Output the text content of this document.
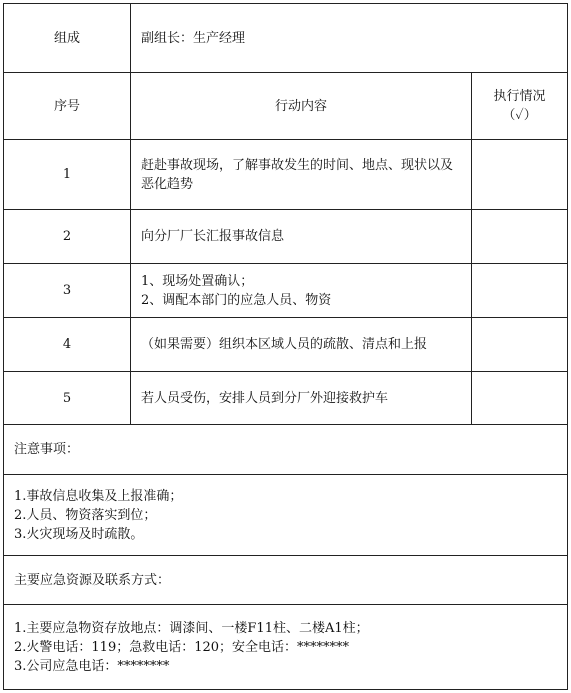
组成	副组长：生产经理	
序号	行动内容	执行情况
（✓）

1	赶赴事故现场，了解事故发生的时间、地点、现状以及
恶化趋势	

2	向分厂厂长汇报事故信息	

3	1、现场处置确认；
2、调配本部门的应急人员、物资	

4	（如果需要）组织本区域人员的疏散、清点和上报	

5	若人员受伤，安排人员到分厂外迎接救护车	

注意事项：		

1.事故信息收集及上报准确；
2.人员、物资落实到位；
3.火灾现场及时疏散。		

主要应急资源及联系方式：		

1.主要应急物资存放地点：调漆间、一楼F11柱、二楼A1柱；
2.火警电话：119；急救电话：120；安全电话：********
3.公司应急电话：********		
